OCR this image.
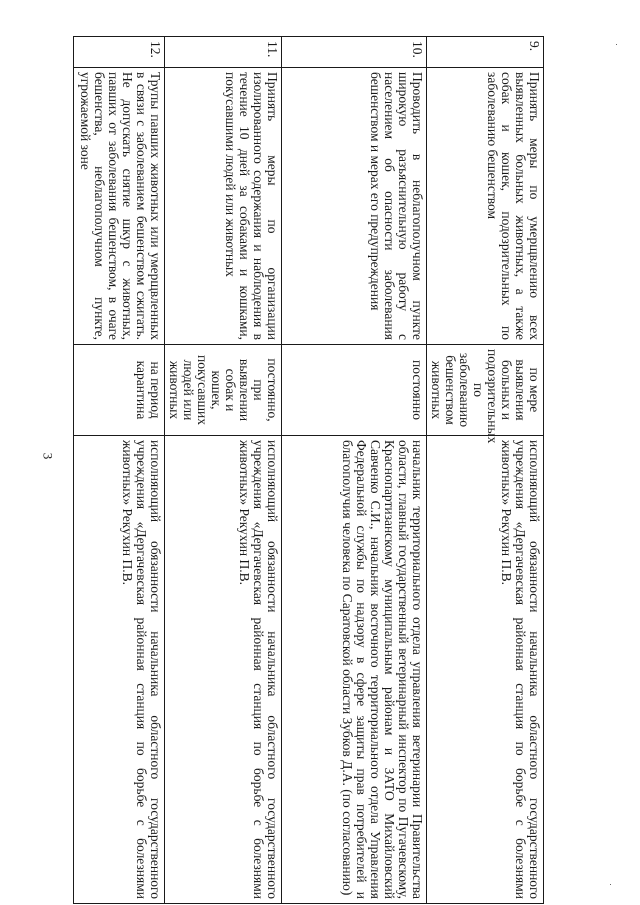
3
9.	Принять меры по умерщвлению всех выявленных больных животных, а также собак и кошек, подозрительных по заболеванию бешенством	по мере выявления больных и подозрительных по заболеванию бешенством животных	исполняющий обязанности начальника областного государственного учреждения «Дергачевская районная станция по борьбе с болезнями животных» Рекухин П.В.
10.	Проводить в неблагополучном пункте широкую разъяснительную работу с населением об опасности заболевания бешенством и мерах его предупреждения	постоянно	начальник территориального отдела управления ветеринарии Правительства области, главный государственный ветеринарный инспектор по Пугачевскому, Краснопартизанскому муниципальным районам и ЗАТО Михайловский Савченко С.И., начальник восточного территориального отдела Управления Федеральной службы по надзору в сфере защиты прав потребителей и благополучия человека по Саратовской области Зубков Д.А. (по согласованию)
11.	Принять меры по организации изолированного содержания и наблюдения в течение 10 дней за собаками и кошками, покусавшими людей или животных	постоянно, при выявлении собак и кошек, покусавших людей или животных	исполняющий обязанности начальника областного государственного учреждения «Дергачевская районная станция по борьбе с болезнями животных» Рекухин П.В.
12.	Трупы павших животных или умерщвленных в связи с заболеванием бешенством сжигать. Не допускать снятие шкур с животных, павших от заболевания бешенством, в очаге бешенства, неблагополучном пункте, угрожаемой зоне	на период карантина	исполняющий обязанности начальника областного государственного учреждения «Дергачевская районная станция по борьбе с болезнями животных» Рекухин П.В.
